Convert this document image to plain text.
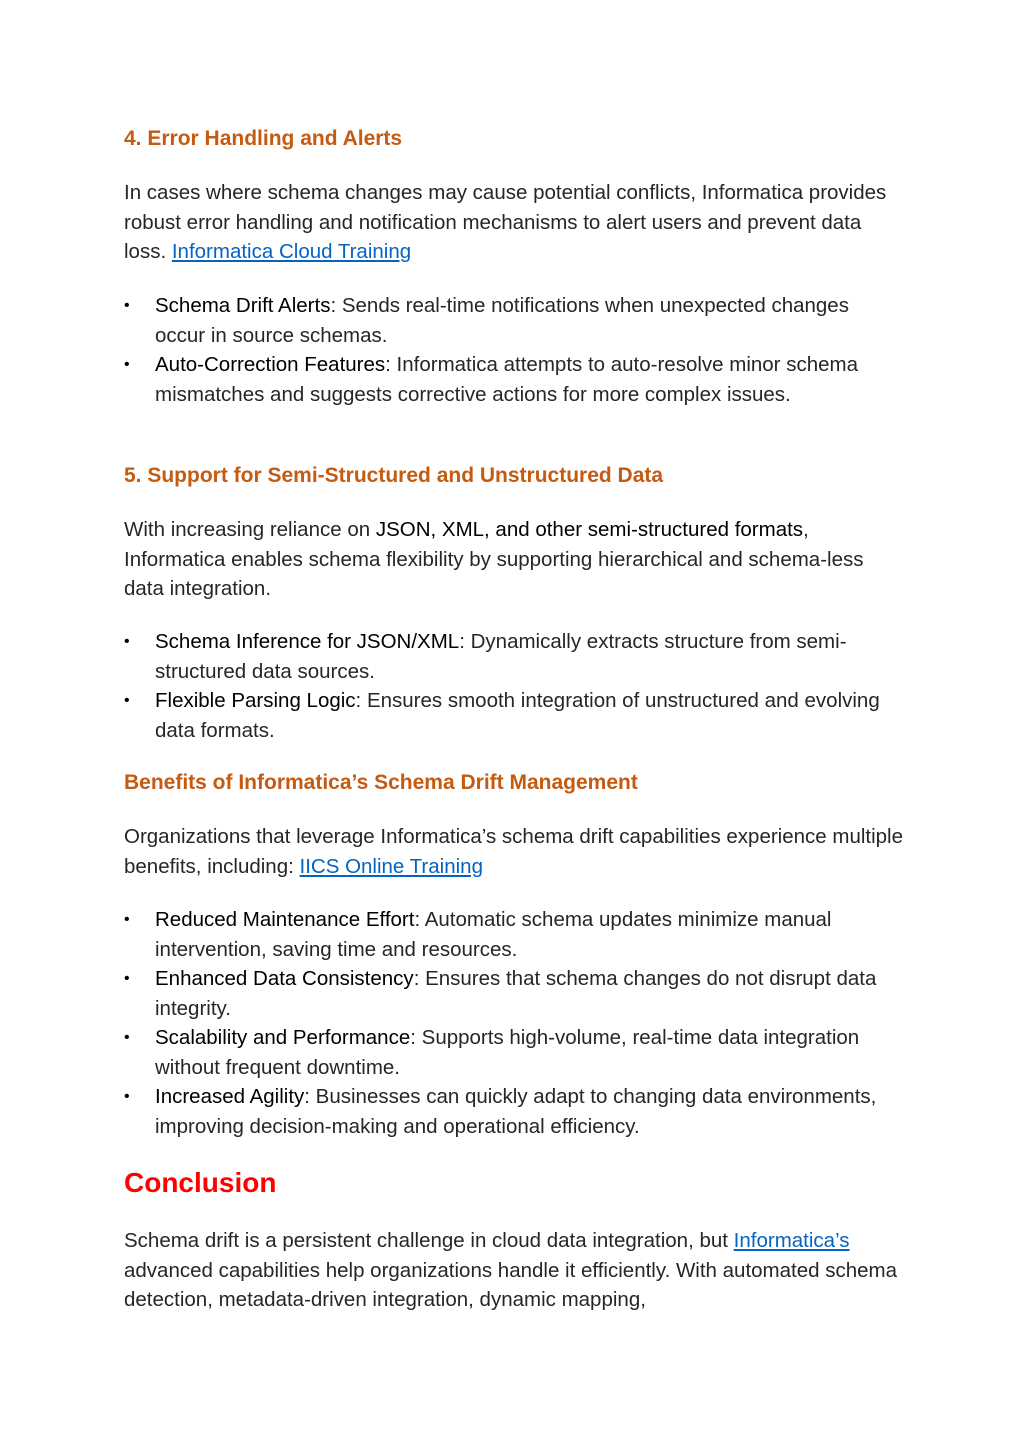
4. Error Handling and Alerts

In cases where schema changes may cause potential conflicts, Informatica provides robust error handling and notification mechanisms to alert users and prevent data loss. Informatica Cloud Training

• Schema Drift Alerts: Sends real-time notifications when unexpected changes occur in source schemas.
• Auto-Correction Features: Informatica attempts to auto-resolve minor schema mismatches and suggests corrective actions for more complex issues.
5. Support for Semi-Structured and Unstructured Data

With increasing reliance on JSON, XML, and other semi-structured formats, Informatica enables schema flexibility by supporting hierarchical and schema-less data integration.

• Schema Inference for JSON/XML: Dynamically extracts structure from semi-structured data sources.
• Flexible Parsing Logic: Ensures smooth integration of unstructured and evolving data formats.
Benefits of Informatica’s Schema Drift Management

Organizations that leverage Informatica’s schema drift capabilities experience multiple benefits, including: IICS Online Training

• Reduced Maintenance Effort: Automatic schema updates minimize manual intervention, saving time and resources.
• Enhanced Data Consistency: Ensures that schema changes do not disrupt data integrity.
• Scalability and Performance: Supports high-volume, real-time data integration without frequent downtime.
• Increased Agility: Businesses can quickly adapt to changing data environments, improving decision-making and operational efficiency.
Conclusion

Schema drift is a persistent challenge in cloud data integration, but Informatica’s advanced capabilities help organizations handle it efficiently. With automated schema detection, metadata-driven integration, dynamic mapping,
